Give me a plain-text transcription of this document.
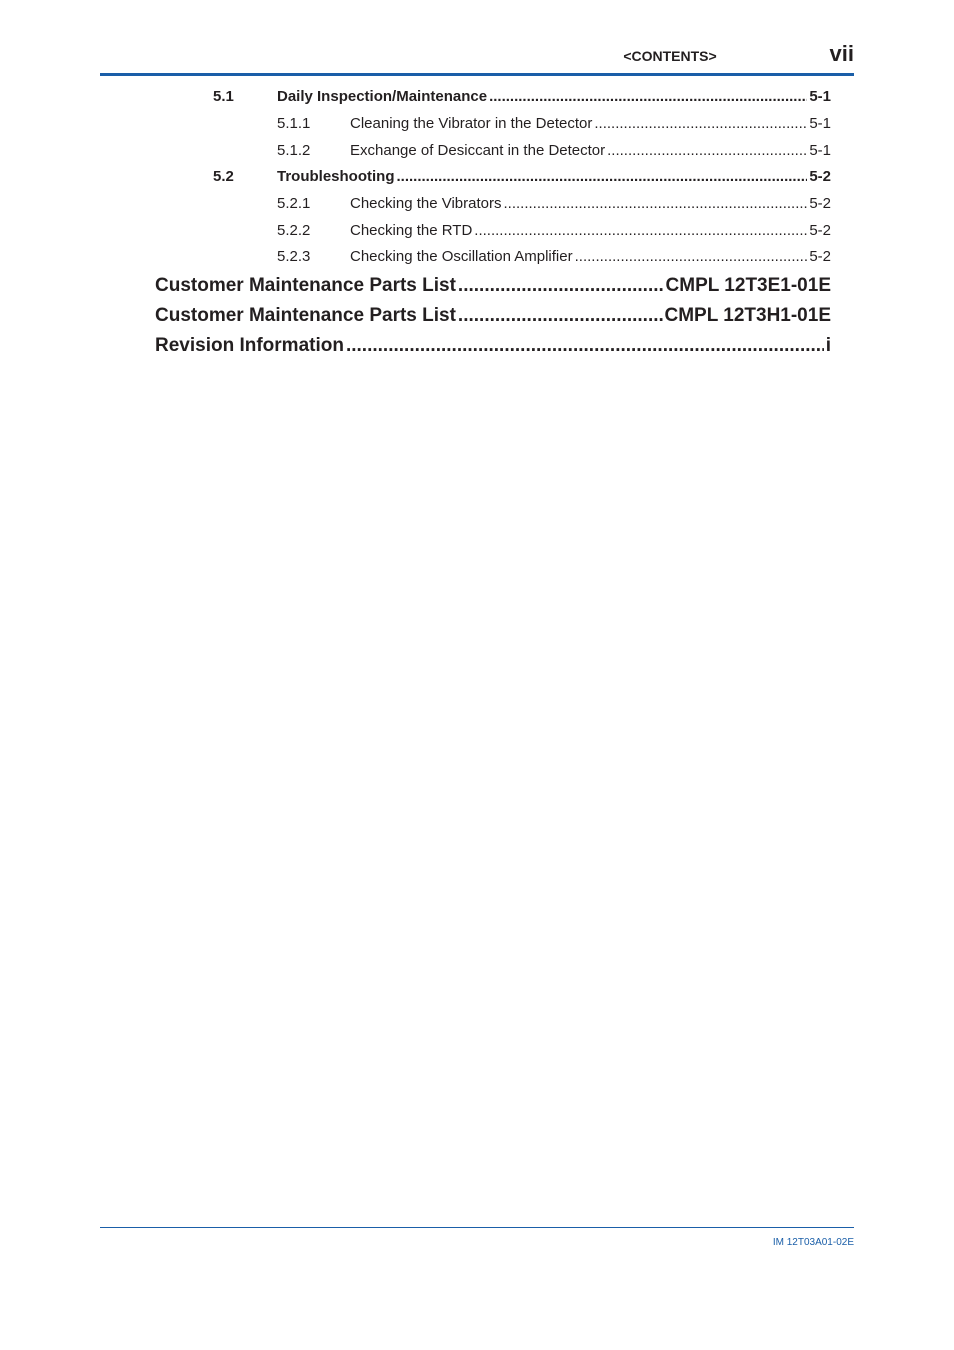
<CONTENTS>	vii
5.1	Daily Inspection/Maintenance .....	5-1
5.1.1	Cleaning the Vibrator in the Detector .....	5-1
5.1.2	Exchange of Desiccant in the Detector .....	5-1
5.2	Troubleshooting .....	5-2
5.2.1	Checking the Vibrators .....	5-2
5.2.2	Checking the RTD .....	5-2
5.2.3	Checking the Oscillation Amplifier .....	5-2
Customer Maintenance Parts List .....	CMPL 12T3E1-01E
Customer Maintenance Parts List .....	CMPL 12T3H1-01E
Revision Information .....	i
IM 12T03A01-02E
